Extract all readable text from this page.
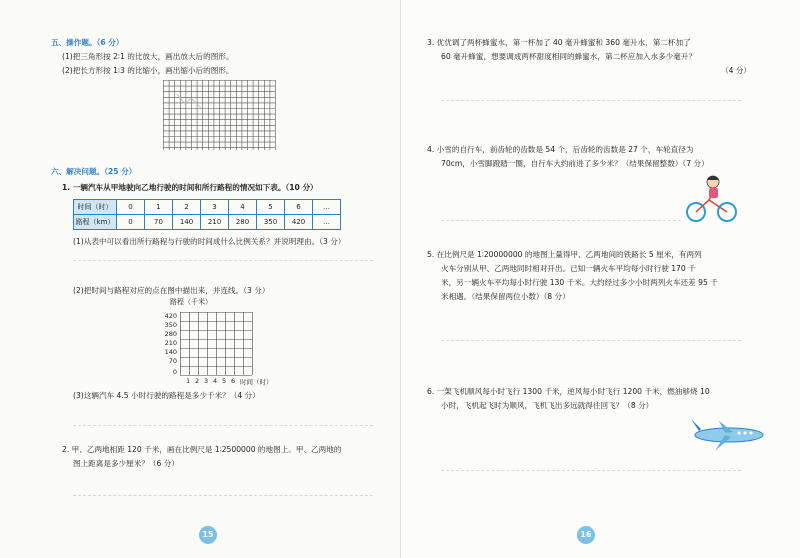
五、操作题。（6 分）
(1)把三角形按 2∶1 的比放大，画出放大后的图形。
(2)把长方形按 1∶3 的比缩小，画出缩小后的图形。
六、解决问题。（25 分）
1. 一辆汽车从甲地驶向乙地行驶的时间和所行路程的情况如下表。（10 分）
时间（时）	0	1	2	3	4	5	6	…
路程（km）	0	70	140	210	280	350	420	…
(1)从表中可以看出所行路程与行驶的时间成什么比例关系？并说明理由。（3 分）
(2)把时间与路程对应的点在图中描出来，并连线。（3 分）
路程（千米）
420
350
280
210
140
70
0
1 2 3 4 5 6 时间（时）
(3)这辆汽车 4.5 小时行驶的路程是多少千米？（4 分）
2. 甲、乙两地相距 120 千米，画在比例尺是 1∶2500000 的地图上。甲、乙两地的
图上距离是多少厘米？（6 分）
15
3. 优优调了两杯蜂蜜水，第一杯加了 40 毫升蜂蜜和 360 毫升水，第二杯加了
60 毫升蜂蜜，想要调成两杯甜度相同的蜂蜜水，第二杯应加入水多少毫升？
（4 分）
4. 小雪的自行车，前齿轮的齿数是 54 个，后齿轮的齿数是 27 个，车轮直径为
70cm，小雪脚蹬踏一圈，自行车大约前进了多少米？（结果保留整数）（7 分）
5. 在比例尺是 1∶20000000 的地图上量得甲、乙两地间的铁路长 5 厘米，有两列
火车分别从甲、乙两地同时相对开出。已知一辆火车平均每小时行驶 170 千
米，另一辆火车平均每小时行驶 130 千米。大约经过多少小时两列火车还差 95 千
米相遇。（结果保留两位小数）（8 分）
6. 一架飞机顺风每小时飞行 1300 千米，逆风每小时飞行 1200 千米，燃油够烧 10
小时，飞机起飞时为顺风，飞机飞出多远就得往回飞？（8 分）
16
